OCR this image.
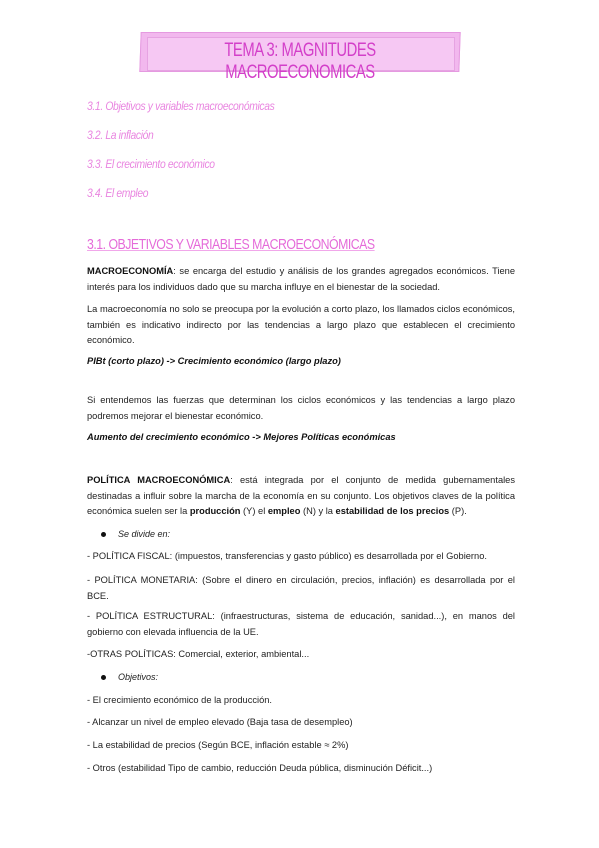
TEMA 3: MAGNITUDES MACROECONOMICAS
3.1. Objetivos y variables macroeconómicas
3.2. La inflación
3.3. El crecimiento económico
3.4. El empleo
3.1. OBJETIVOS Y VARIABLES MACROECONÓMICAS
MACROECONOMÍA: se encarga del estudio y análisis de los grandes agregados económicos. Tiene interés para los individuos dado que su marcha influye en el bienestar de la sociedad.
La macroeconomía no solo se preocupa por la evolución a corto plazo, los llamados ciclos económicos, también es indicativo indirecto por las tendencias a largo plazo que establecen el crecimiento económico.
PIBt (corto plazo) -> Crecimiento económico (largo plazo)
Si entendemos las fuerzas que determinan los ciclos económicos y las tendencias a largo plazo podremos mejorar el bienestar económico.
Aumento del crecimiento económico -> Mejores Políticas económicas
POLÍTICA MACROECONÓMICA: está integrada por el conjunto de medida gubernamentales destinadas a influir sobre la marcha de la economía en su conjunto. Los objetivos claves de la política económica suelen ser la producción (Y) el empleo (N) y la estabilidad de los precios (P).
Se divide en:
- POLÍTICA FISCAL: (impuestos, transferencias y gasto público) es desarrollada por el Gobierno.
- POLÍTICA MONETARIA: (Sobre el dinero en circulación, precios, inflación) es desarrollada por el BCE.
- POLÍTICA ESTRUCTURAL: (infraestructuras, sistema de educación, sanidad...), en manos del gobierno con elevada influencia de la UE.
-OTRAS POLÍTICAS: Comercial, exterior, ambiental...
Objetivos:
- El crecimiento económico de la producción.
- Alcanzar un nivel de empleo elevado (Baja tasa de desempleo)
- La estabilidad de precios (Según BCE, inflación estable ≈ 2%)
- Otros (estabilidad Tipo de cambio, reducción Deuda pública, disminución Déficit...)
